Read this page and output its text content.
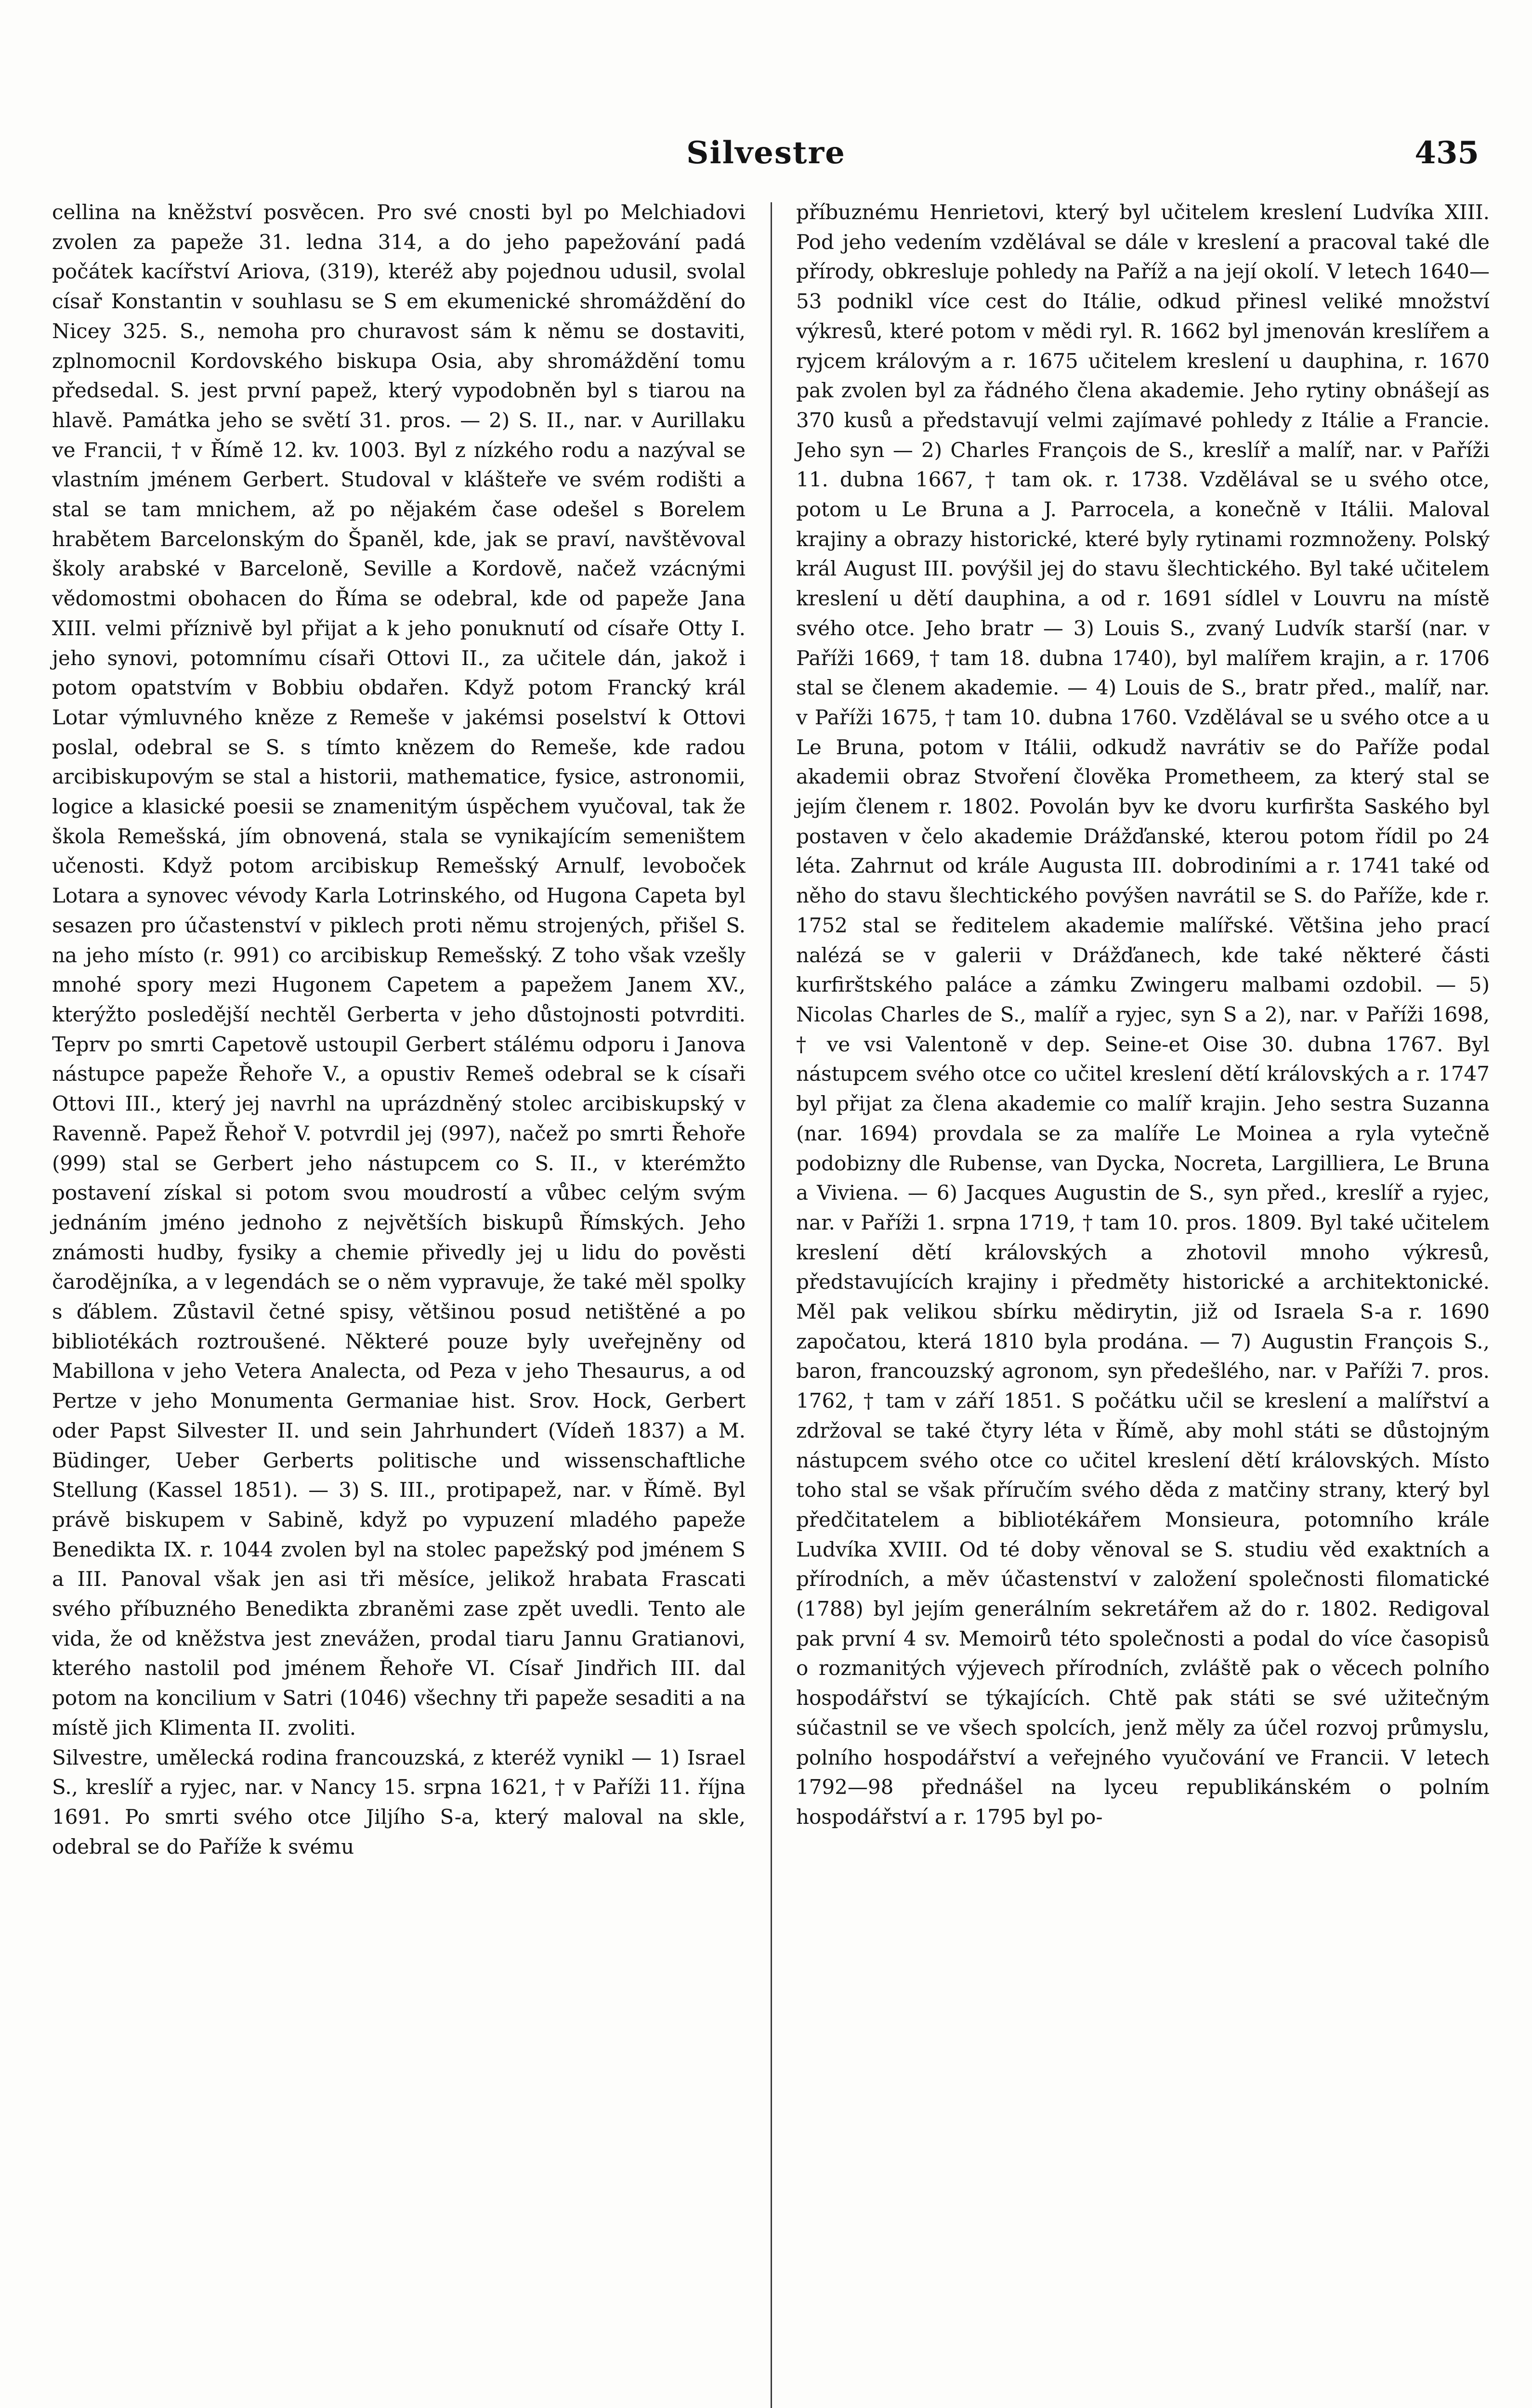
Silvestre	435

cellina na kněžství posvěcen. Pro své cnosti byl po Melchiadovi zvolen za papeže 31. ledna 314, a do jeho papežování padá počátek kacířství Ariova, (319), kteréž aby pojednou udusil, svolal císař Konstantin v souhlasu se S em ekumenické shromáždění do Nicey 325. S., nemoha pro churavost sám k němu se dostaviti, zplnomocnil Kordovského biskupa Osia, aby shromáždění tomu předsedal. S. jest první papež, který vypodobněn byl s tiarou na hlavě. Památka jeho se světí 31. pros. — 2) S. II., nar. v Aurillaku ve Francii, † v Římě 12. kv. 1003. Byl z nízkého rodu a nazýval se vlastním jménem Gerbert. Studoval v klášteře ve svém rodišti a stal se tam mnichem, až po nějakém čase odešel s Borelem hrabětem Barcelonským do Španěl, kde, jak se praví, navštěvoval školy arabské v Barceloně, Seville a Kordově, načež vzácnými vědomostmi obohacen do Říma se odebral, kde od papeže Jana XIII. velmi příznivě byl přijat a k jeho ponuknutí od císaře Otty I. jeho synovi, potomnímu císaři Ottovi II., za učitele dán, jakož i potom opatstvím v Bobbiu obdařen. Když potom Francký král Lotar výmluvného kněze z Remeše v jakémsi poselství k Ottovi poslal, odebral se S. s tímto knězem do Remeše, kde radou arcibiskupovým se stal a historii, mathematice, fysice, astronomii, logice a klasické poesii se znamenitým úspěchem vyučoval, tak že škola Remešská, jím obnovená, stala se vynikajícím semeništem učenosti. Když potom arcibiskup Remešský Arnulf, levoboček Lotara a synovec vévody Karla Lotrinského, od Hugona Capeta byl sesazen pro účastenství v piklech proti němu strojených, přišel S. na jeho místo (r. 991) co arcibiskup Remešský. Z toho však vzešly mnohé spory mezi Hugonem Capetem a papežem Janem XV., kterýžto posledější nechtěl Gerberta v jeho důstojnosti potvrditi. Teprv po smrti Capetově ustoupil Gerbert stálému odporu i Janova nástupce papeže Řehoře V., a opustiv Remeš odebral se k císaři Ottovi III., který jej navrhl na uprázdněný stolec arcibiskupský v Ravenně. Papež Řehoř V. potvrdil jej (997), načež po smrti Řehoře (999) stal se Gerbert jeho nástupcem co S. II., v kterémžto postavení získal si potom svou moudrostí a vůbec celým svým jednáním jméno jednoho z největších biskupů Římských. Jeho známosti hudby, fysiky a chemie přivedly jej u lidu do pověsti čarodějníka, a v legendách se o něm vypravuje, že také měl spolky s ďáblem. Zůstavil četné spisy, většinou posud netištěné a po bibliotékách roztroušené. Některé pouze byly uveřejněny od Mabillona v jeho Vetera Analecta, od Peza v jeho Thesaurus, a od Pertze v jeho Monumenta Germaniae hist. Srov. Hock, Gerbert oder Papst Silvester II. und sein Jahrhundert (Vídeň 1837) a M. Büdinger, Ueber Gerberts politische und wissenschaftliche Stellung (Kassel 1851). — 3) S. III., protipapež, nar. v Římě. Byl právě biskupem v Sabině, když po vypuzení mladého papeže Benedikta IX. r. 1044 zvolen byl na stolec papežský pod jménem S a III. Panoval však jen asi tři měsíce, jelikož hrabata Frascati svého příbuzného Benedikta zbraněmi zase zpět uvedli. Tento ale vida, že od kněžstva jest znevážen, prodal tiaru Jannu Gratianovi, kterého nastolil pod jménem Řehoře VI. Císař Jindřich III. dal potom na koncilium v Satri (1046) všechny tři papeže sesaditi a na místě jich Klimenta II. zvoliti.

Silvestre, umělecká rodina francouzská, z kteréž vynikl — 1) Israel S., kreslíř a ryjec, nar. v Nancy 15. srpna 1621, † v Paříži 11. října 1691. Po smrti svého otce Jiljího S-a, který maloval na skle, odebral se do Paříže k svému

příbuznému Henrietovi, který byl učitelem kreslení Ludvíka XIII. Pod jeho vedením vzdělával se dále v kreslení a pracoval také dle přírody, obkresluje pohledy na Paříž a na její okolí. V letech 1640—53 podnikl více cest do Itálie, odkud přinesl veliké množství výkresů, které potom v mědi ryl. R. 1662 byl jmenován kreslířem a ryjcem královým a r. 1675 učitelem kreslení u dauphina, r. 1670 pak zvolen byl za řádného člena akademie. Jeho rytiny obnášejí as 370 kusů a představují velmi zajímavé pohledy z Itálie a Francie. Jeho syn — 2) Charles François de S., kreslíř a malíř, nar. v Paříži 11. dubna 1667, † tam ok. r. 1738. Vzdělával se u svého otce, potom u Le Bruna a J. Parrocela, a konečně v Itálii. Maloval krajiny a obrazy historické, které byly rytinami rozmnoženy. Polský král August III. povýšil jej do stavu šlechtického. Byl také učitelem kreslení u dětí dauphina, a od r. 1691 sídlel v Louvru na místě svého otce. Jeho bratr — 3) Louis S., zvaný Ludvík starší (nar. v Paříži 1669, † tam 18. dubna 1740), byl malířem krajin, a r. 1706 stal se členem akademie. — 4) Louis de S., bratr před., malíř, nar. v Paříži 1675, † tam 10. dubna 1760. Vzdělával se u svého otce a u Le Bruna, potom v Itálii, odkudž navrátiv se do Paříže podal akademii obraz Stvoření člověka Prometheem, za který stal se jejím členem r. 1802. Povolán byv ke dvoru kurfiršta Saského byl postaven v čelo akademie Drážďanské, kterou potom řídil po 24 léta. Zahrnut od krále Augusta III. dobrodiními a r. 1741 také od něho do stavu šlechtického povýšen navrátil se S. do Paříže, kde r. 1752 stal se ředitelem akademie malířské. Většina jeho prací nalézá se v galerii v Drážďanech, kde také některé části kurfirštského paláce a zámku Zwingeru malbami ozdobil. — 5) Nicolas Charles de S., malíř a ryjec, syn S a 2), nar. v Paříži 1698, † ve vsi Valentoně v dep. Seine-et Oise 30. dubna 1767. Byl nástupcem svého otce co učitel kreslení dětí královských a r. 1747 byl přijat za člena akademie co malíř krajin. Jeho sestra Suzanna (nar. 1694) provdala se za malíře Le Moinea a ryla vytečně podobizny dle Rubense, van Dycka, Nocreta, Largilliera, Le Bruna a Viviena. — 6) Jacques Augustin de S., syn před., kreslíř a ryjec, nar. v Paříži 1. srpna 1719, † tam 10. pros. 1809. Byl také učitelem kreslení dětí královských a zhotovil mnoho výkresů, představujících krajiny i předměty historické a architektonické. Měl pak velikou sbírku mědirytin, již od Israela S-a r. 1690 započatou, která 1810 byla prodána. — 7) Augustin François S., baron, francouzský agronom, syn předešlého, nar. v Paříži 7. pros. 1762, † tam v září 1851. S počátku učil se kreslení a malířství a zdržoval se také čtyry léta v Římě, aby mohl státi se důstojným nástupcem svého otce co učitel kreslení dětí královských. Místo toho stal se však příručím svého děda z matčiny strany, který byl předčitatelem a bibliotékářem Monsieura, potomního krále Ludvíka XVIII. Od té doby věnoval se S. studiu věd exaktních a přírodních, a měv účastenství v založení společnosti filomatické (1788) byl jejím generálním sekretářem až do r. 1802. Redigoval pak první 4 sv. Memoirů této společnosti a podal do více časopisů o rozmanitých výjevech přírodních, zvláště pak o věcech polního hospodářství se týkajících. Chtě pak státi se své užitečným súčastnil se ve všech spolcích, jenž měly za účel rozvoj průmyslu, polního hospodářství a veřejného vyučování ve Francii. V letech 1792—98 přednášel na lyceu republikánském o polním hospodářství a r. 1795 byl po-
